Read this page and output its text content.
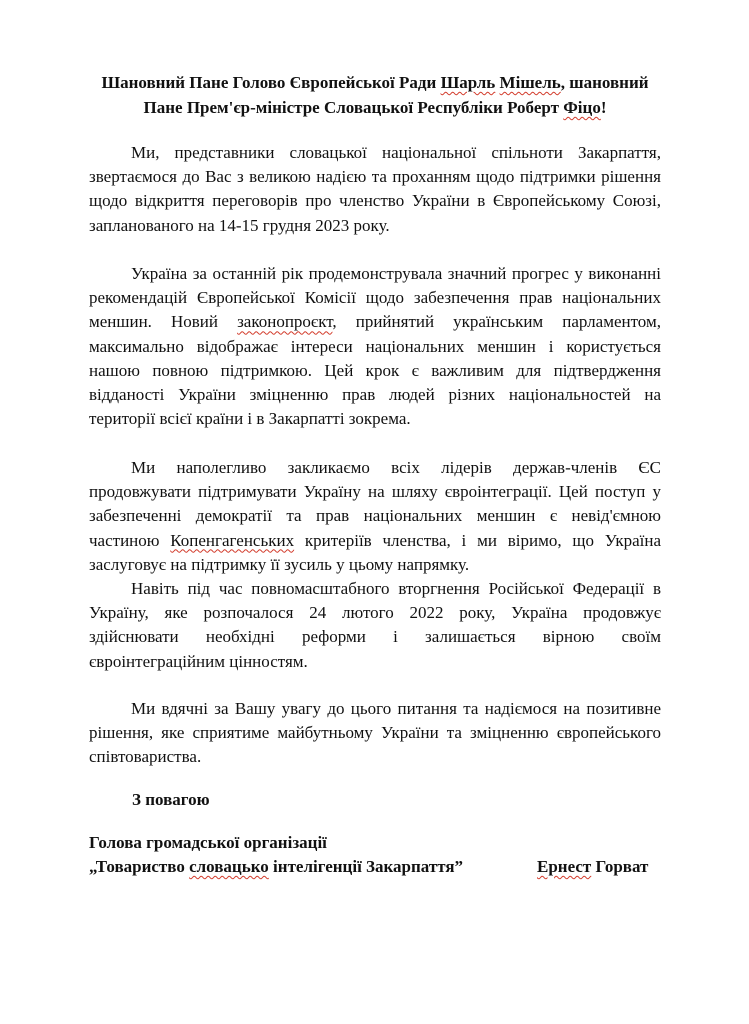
Шановний Пане Голово Європейської Ради Шарль Мішель, шановний
Пане Прем'єр-міністре Словацької Республіки Роберт Фіцо!

Ми, представники словацької національної спільноти Закарпаття, звертаємося до Вас з великою надією та проханням щодо підтримки рішення щодо відкриття переговорів про членство України в Європейському Союзі, запланованого на 14-15 грудня 2023 року.

Україна за останній рік продемонструвала значний прогрес у виконанні рекомендацій Європейської Комісії щодо забезпечення прав національних меншин. Новий законопроєкт, прийнятий українським парламентом, максимально відображає інтереси національних меншин і користується нашою повною підтримкою. Цей крок є важливим для підтвердження відданості України зміцненню прав людей різних національностей на території всієї країни і в Закарпатті зокрема.

Ми наполегливо закликаємо всіх лідерів держав-членів ЄС продовжувати підтримувати Україну на шляху євроінтеграції. Цей поступ у забезпеченні демократії та прав національних меншин є невід'ємною частиною Копенгагенських критеріїв членства, і ми віримо, що Україна заслуговує на підтримку її зусиль у цьому напрямку.

Навіть під час повномасштабного вторгнення Російської Федерації в Україну, яке розпочалося 24 лютого 2022 року, Україна продовжує здійснювати необхідні реформи і залишається вірною своїм євроінтеграційним цінностям.

Ми вдячні за Вашу увагу до цього питання та надіємося на позитивне рішення, яке сприятиме майбутньому України та зміцненню європейського співтовариства.

З повагою
Голова громадської організації
„Товариство словацько інтелігенції Закарпаття”	Ернест Горват
